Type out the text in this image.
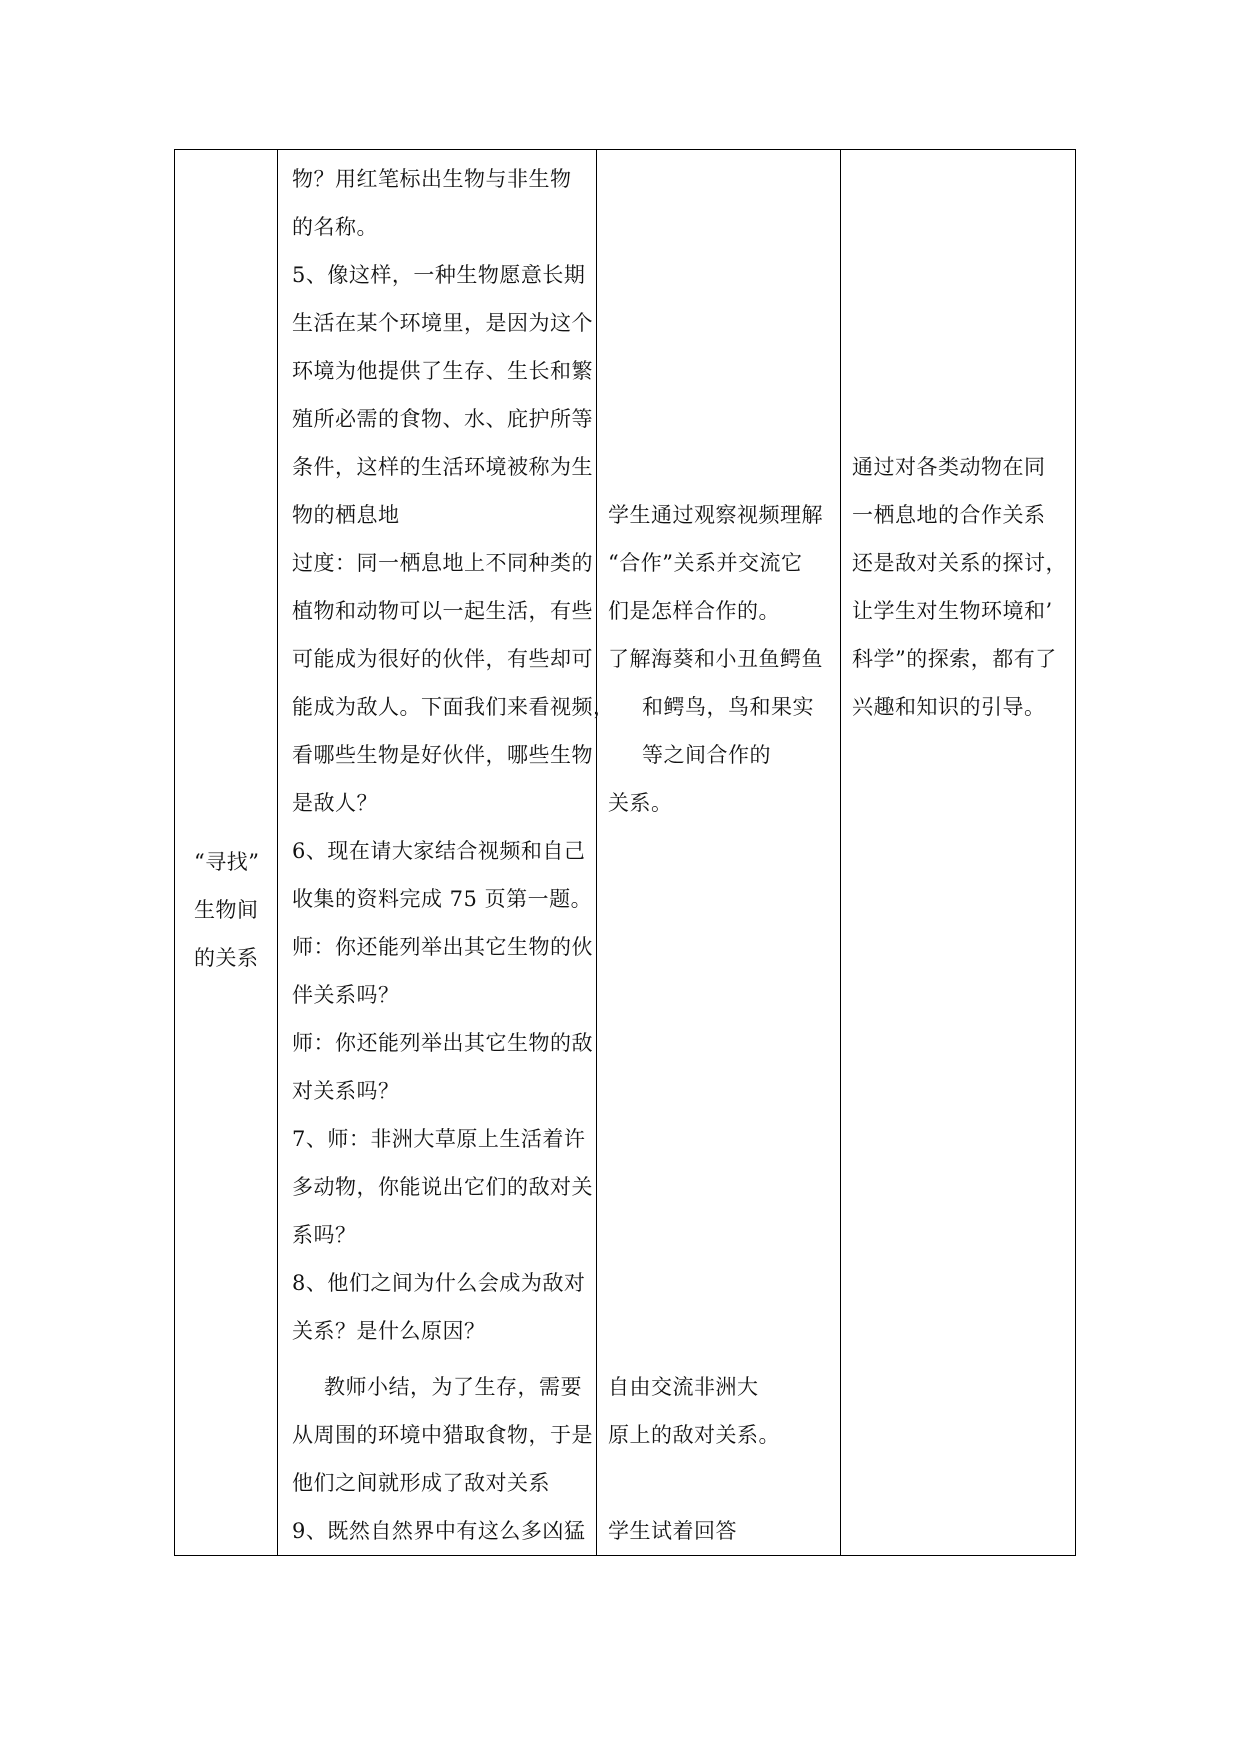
“寻找”
生物间
的关系

物？用红笔标出生物与非生物
的名称。
5、像这样，一种生物愿意长期
生活在某个环境里，是因为这个
环境为他提供了生存、生长和繁
殖所必需的食物、水、庇护所等
条件，这样的生活环境被称为生
物的栖息地
过度：同一栖息地上不同种类的
植物和动物可以一起生活，有些
可能成为很好的伙伴，有些却可
能成为敌人。下面我们来看视频，
看哪些生物是好伙伴，哪些生物
是敌人？
6、现在请大家结合视频和自己
收集的资料完成 75 页第一题。
师：你还能列举出其它生物的伙
伴关系吗？
师：你还能列举出其它生物的敌
对关系吗？
7、师：非洲大草原上生活着许
多动物，你能说出它们的敌对关
系吗？
8、他们之间为什么会成为敌对
关系？是什么原因？
教师小结，为了生存，需要
从周围的环境中猎取食物，于是
他们之间就形成了敌对关系
9、既然自然界中有这么多凶猛

学生通过观察视频理解
“合作”关系并交流它
们是怎样合作的。
了解海葵和小丑鱼鳄鱼
和鳄鸟，鸟和果实
等之间合作的
关系。
自由交流非洲大
原上的敌对关系。
学生试着回答

通过对各类动物在同
一栖息地的合作关系
还是敌对关系的探讨，
让学生对生物环境和’
科学”的探索，都有了
兴趣和知识的引导。
